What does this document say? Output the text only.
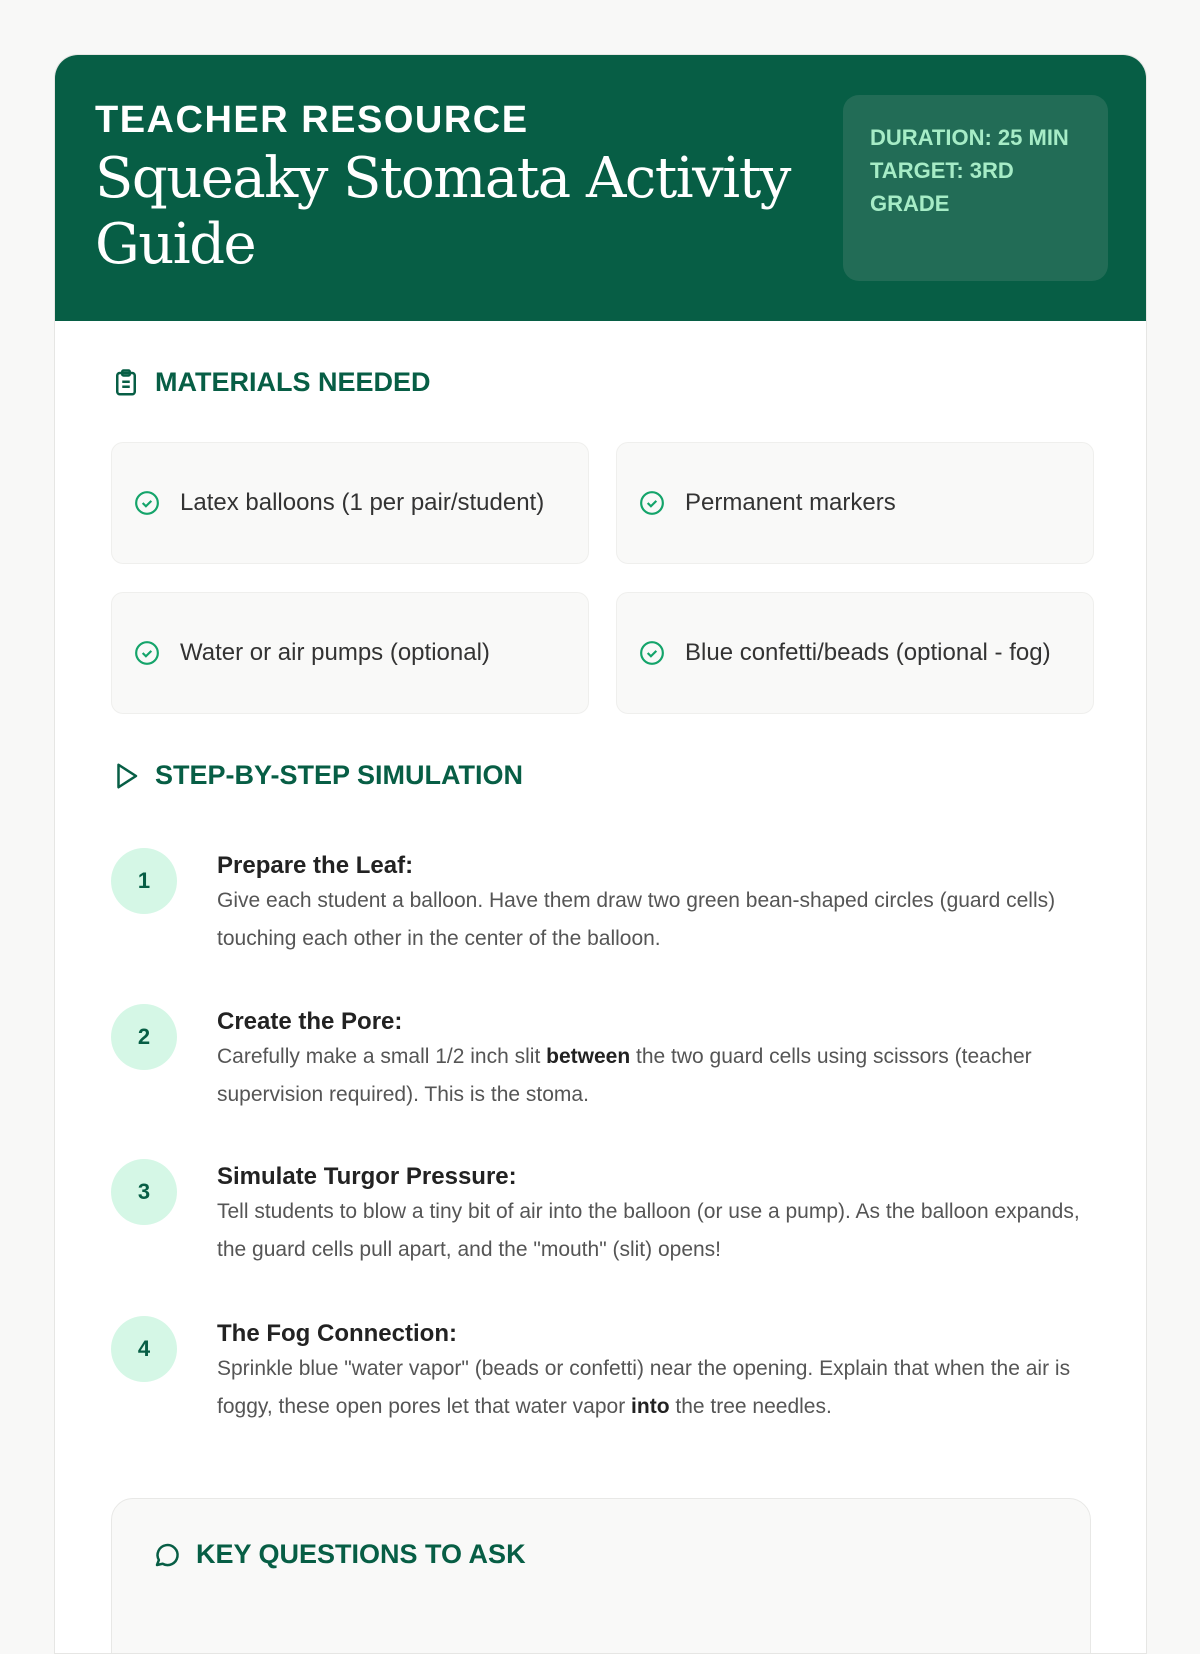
TEACHER RESOURCE
Squeaky Stomata Activity Guide
DURATION: 25 MIN
TARGET: 3RD GRADE
MATERIALS NEEDED
Latex balloons (1 per pair/student)	Permanent markers
Water or air pumps (optional)	Blue confetti/beads (optional - fog)
STEP-BY-STEP SIMULATION
1
Prepare the Leaf:
Give each student a balloon. Have them draw two green bean-shaped circles (guard cells) touching each other in the center of the balloon.
2
Create the Pore:
Carefully make a small 1/2 inch slit between the two guard cells using scissors (teacher supervision required). This is the stoma.
3
Simulate Turgor Pressure:
Tell students to blow a tiny bit of air into the balloon (or use a pump). As the balloon expands, the guard cells pull apart, and the "mouth" (slit) opens!
4
The Fog Connection:
Sprinkle blue "water vapor" (beads or confetti) near the opening. Explain that when the air is foggy, these open pores let that water vapor into the tree needles.
KEY QUESTIONS TO ASK
